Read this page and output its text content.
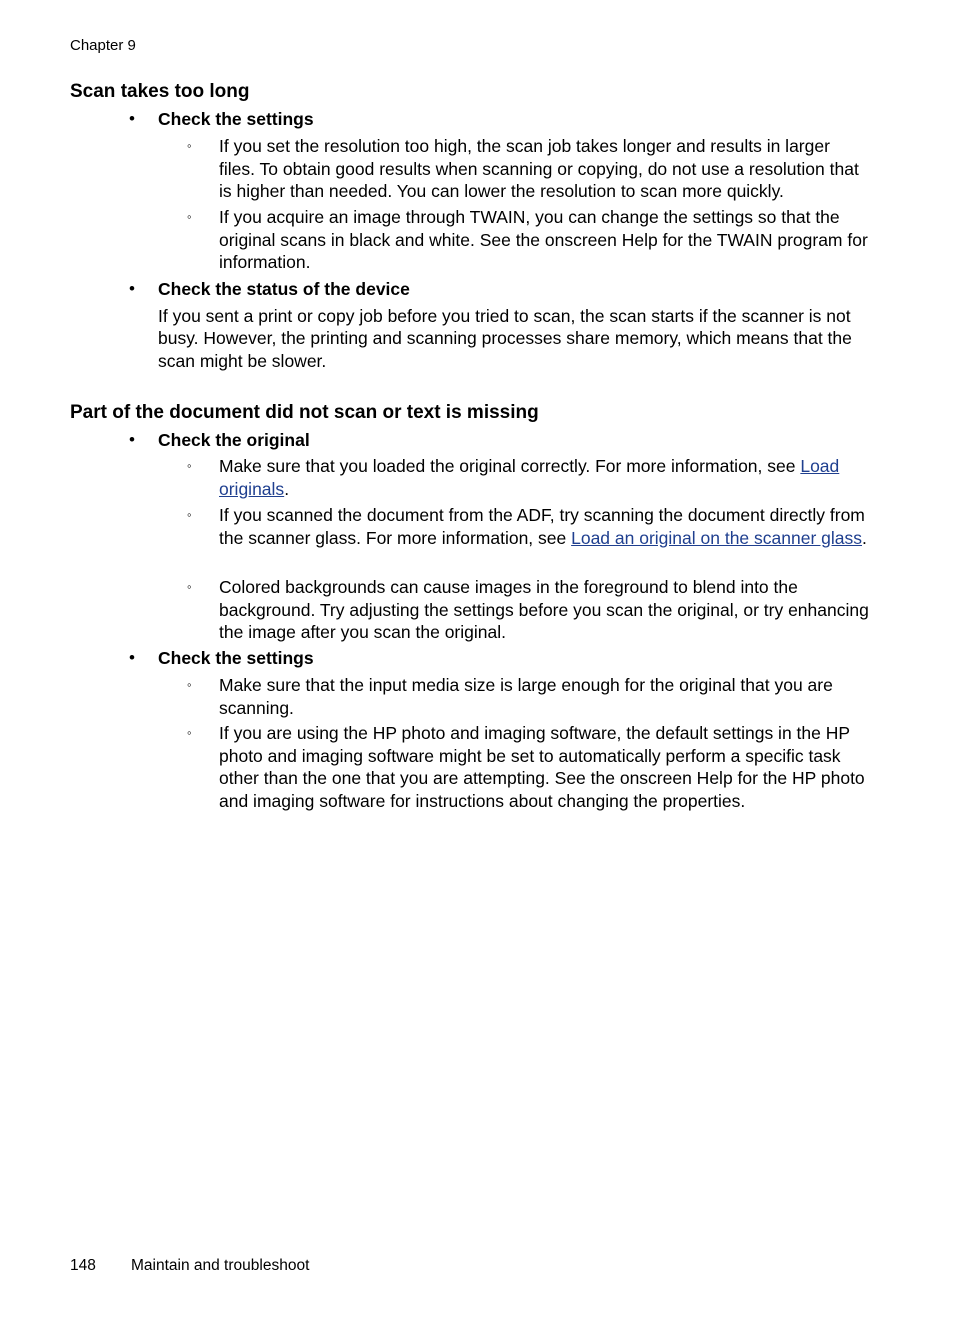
Chapter 9
Scan takes too long
• Check the settings
◦ If you set the resolution too high, the scan job takes longer and results in larger files. To obtain good results when scanning or copying, do not use a resolution that is higher than needed. You can lower the resolution to scan more quickly.
◦ If you acquire an image through TWAIN, you can change the settings so that the original scans in black and white. See the onscreen Help for the TWAIN program for information.
• Check the status of the device
If you sent a print or copy job before you tried to scan, the scan starts if the scanner is not busy. However, the printing and scanning processes share memory, which means that the scan might be slower.
Part of the document did not scan or text is missing
• Check the original
◦ Make sure that you loaded the original correctly. For more information, see Load originals.
◦ If you scanned the document from the ADF, try scanning the document directly from the scanner glass. For more information, see Load an original on the scanner glass.
◦ Colored backgrounds can cause images in the foreground to blend into the background. Try adjusting the settings before you scan the original, or try enhancing the image after you scan the original.
• Check the settings
◦ Make sure that the input media size is large enough for the original that you are scanning.
◦ If you are using the HP photo and imaging software, the default settings in the HP photo and imaging software might be set to automatically perform a specific task other than the one that you are attempting. See the onscreen Help for the HP photo and imaging software for instructions about changing the properties.
148 Maintain and troubleshoot
